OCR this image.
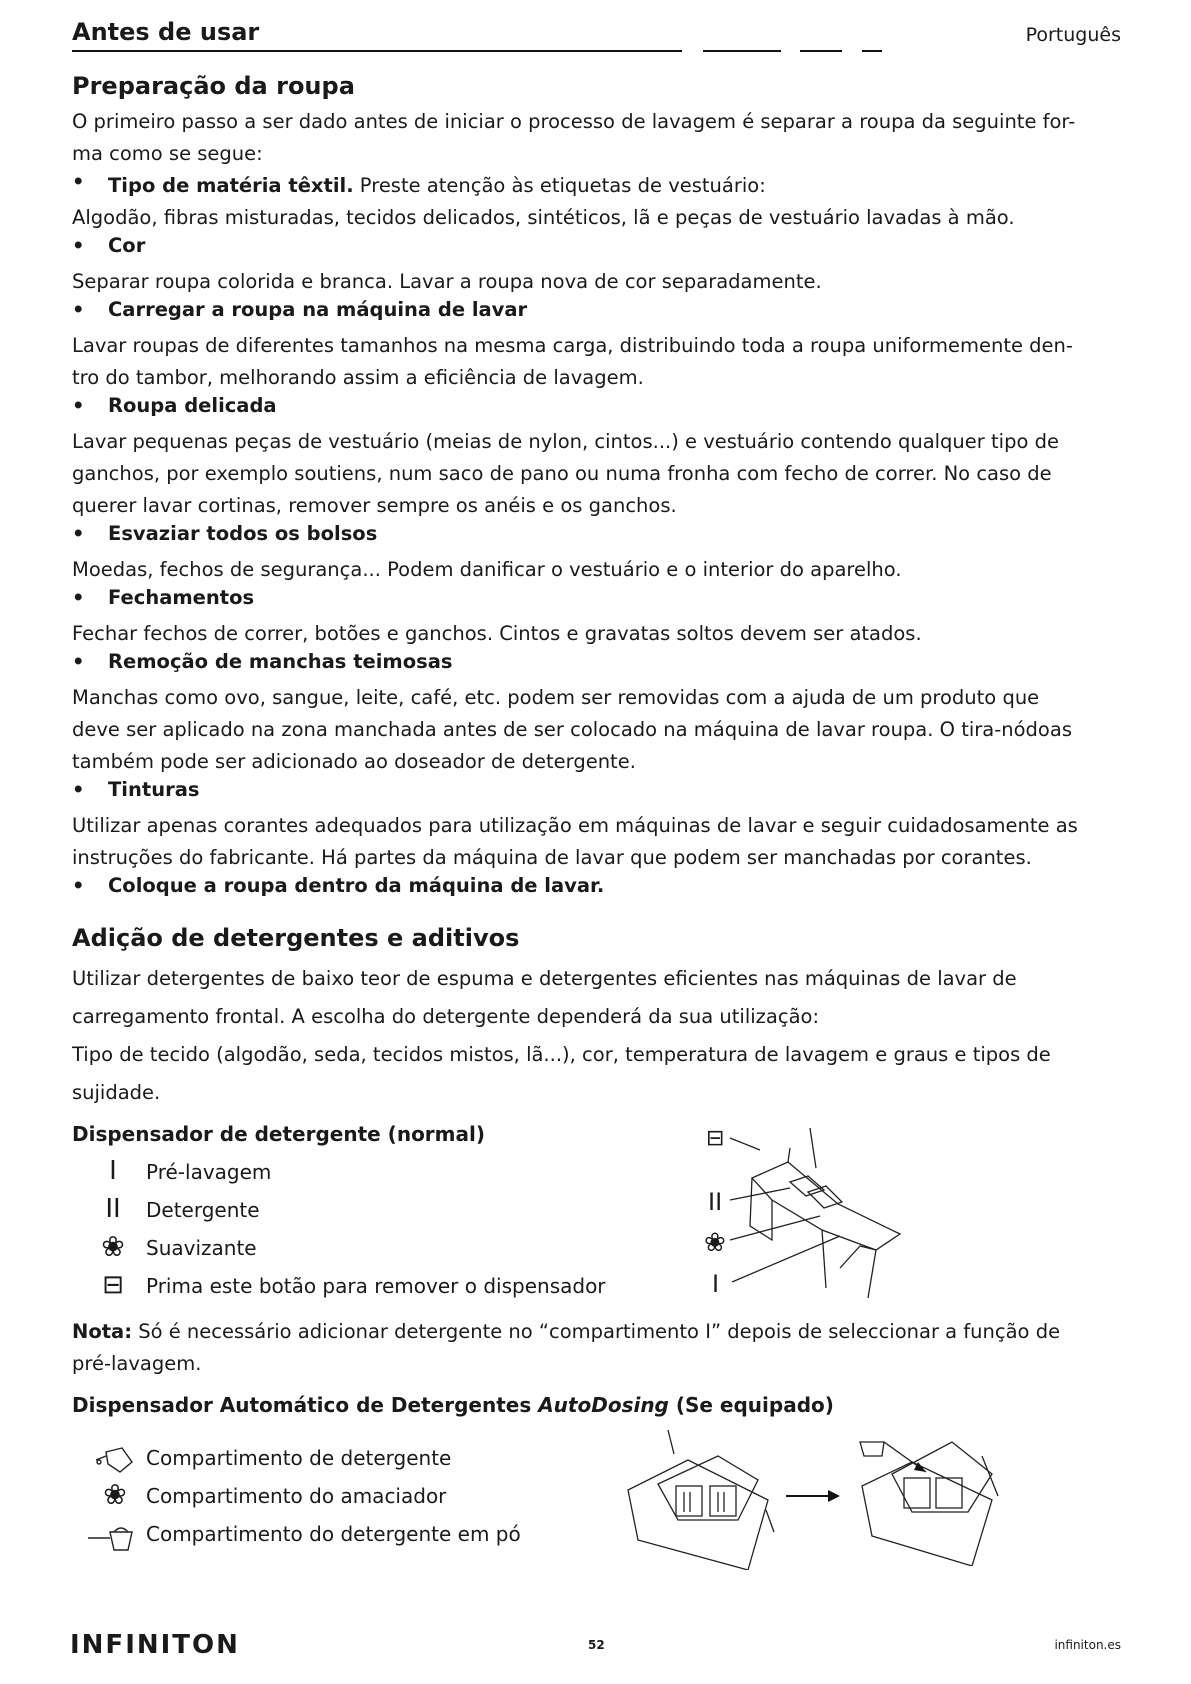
Antes de usar	Português
Preparação da roupa
O primeiro passo a ser dado antes de iniciar o processo de lavagem é separar a roupa da seguinte for-
ma como se segue:
• Tipo de matéria têxtil. Preste atenção às etiquetas de vestuário:
Algodão, fibras misturadas, tecidos delicados, sintéticos, lã e peças de vestuário lavadas à mão.
• Cor
Separar roupa colorida e branca. Lavar a roupa nova de cor separadamente.
• Carregar a roupa na máquina de lavar
Lavar roupas de diferentes tamanhos na mesma carga, distribuindo toda a roupa uniformemente den-
tro do tambor, melhorando assim a eficiência de lavagem.
• Roupa delicada
Lavar pequenas peças de vestuário (meias de nylon, cintos...) e vestuário contendo qualquer tipo de
ganchos, por exemplo soutiens, num saco de pano ou numa fronha com fecho de correr. No caso de
querer lavar cortinas, remover sempre os anéis e os ganchos.
• Esvaziar todos os bolsos
Moedas, fechos de segurança... Podem danificar o vestuário e o interior do aparelho.
• Fechamentos
Fechar fechos de correr, botões e ganchos. Cintos e gravatas soltos devem ser atados.
• Remoção de manchas teimosas
Manchas como ovo, sangue, leite, café, etc. podem ser removidas com a ajuda de um produto que
deve ser aplicado na zona manchada antes de ser colocado na máquina de lavar roupa. O tira-nódoas
também pode ser adicionado ao doseador de detergente.
• Tinturas
Utilizar apenas corantes adequados para utilização em máquinas de lavar e seguir cuidadosamente as
instruções do fabricante. Há partes da máquina de lavar que podem ser manchadas por corantes.
• Coloque a roupa dentro da máquina de lavar.
Adição de detergentes e aditivos
Utilizar detergentes de baixo teor de espuma e detergentes eficientes nas máquinas de lavar de
carregamento frontal. A escolha do detergente dependerá da sua utilização:
Tipo de tecido (algodão, seda, tecidos mistos, lã...), cor, temperatura de lavagem e graus e tipos de
sujidade.
Dispensador de detergente (normal)
I	Pré-lavagem
II	Detergente
❀ Suavizante
⊟	Prima este botão para remover o dispensador
⊟
II
❀
I
Nota: Só é necessário adicionar detergente no “compartimento I” depois de seleccionar a função de
pré-lavagem.
Dispensador Automático de Detergentes AutoDosing (Se equipado)
Compartimento de detergente
❀ Compartimento do amaciador
Compartimento do detergente em pó
INFINITON	52	infiniton.es
